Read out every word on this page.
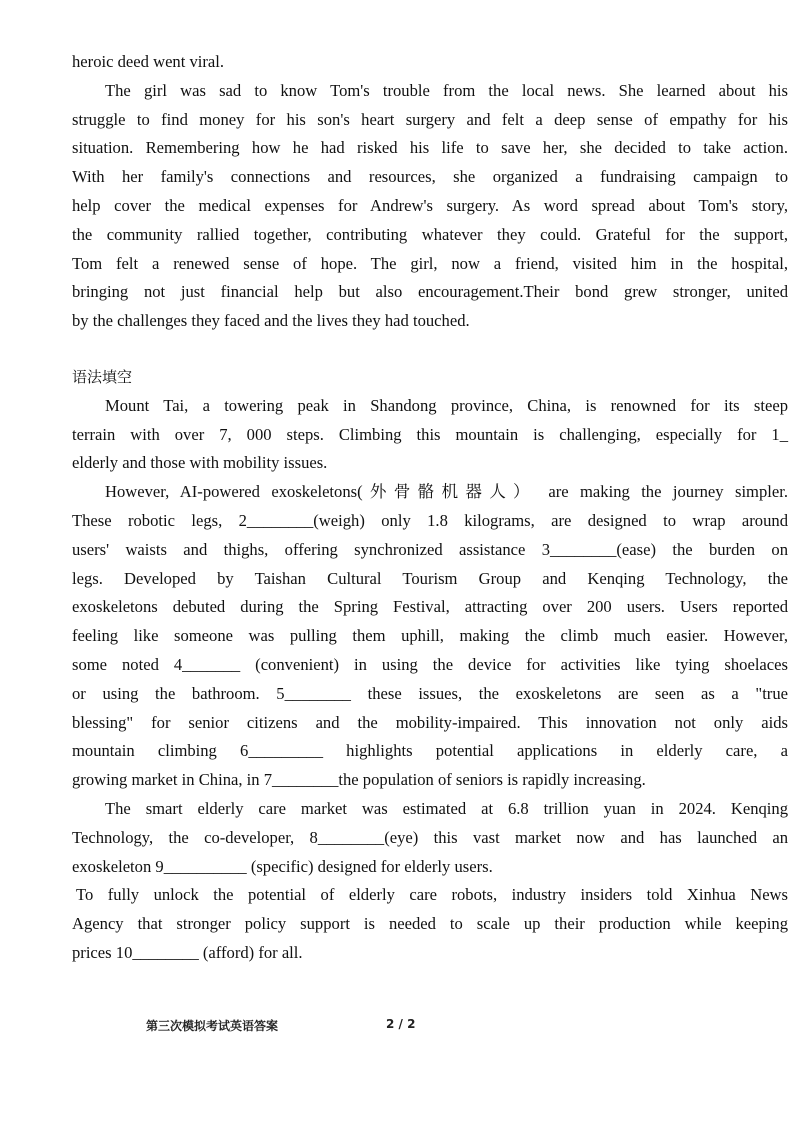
heroic deed went viral.
The girl was sad to know Tom's trouble from the local news. She learned about his
struggle to find money for his son's heart surgery and felt a deep sense of empathy for his
situation. Remembering how he had risked his life to save her, she decided to take action.
With her family's connections and resources, she organized a fundraising campaign to
help cover the medical expenses for Andrew's surgery. As word spread about Tom's story,
the community rallied together, contributing whatever they could. Grateful for the support,
Tom felt a renewed sense of hope. The girl, now a friend, visited him in the hospital,
bringing not just financial help but also encouragement.Their bond grew stronger, united
by the challenges they faced and the lives they had touched.
语法填空
Mount Tai, a towering peak in Shandong province, China, is renowned for its steep
terrain with over 7, 000 steps. Climbing this mountain is challenging, especially for 1_
elderly and those with mobility issues.
However, AI-powered exoskeletons(外骨骼机器人） are making the journey simpler.
These robotic legs, 2________(weigh) only 1.8 kilograms, are designed to wrap around
users' waists and thighs, offering synchronized assistance 3________(ease) the burden on
legs. Developed by Taishan Cultural Tourism Group and Kenqing Technology, the
exoskeletons debuted during the Spring Festival, attracting over 200 users. Users reported
feeling like someone was pulling them uphill, making the climb much easier. However,
some noted 4_______ (convenient) in using the device for activities like tying shoelaces
or using the bathroom. 5________ these issues, the exoskeletons are seen as a "true
blessing" for senior citizens and the mobility-impaired. This innovation not only aids
mountain climbing 6_________ highlights potential applications in elderly care, a
growing market in China, in 7________the population of seniors is rapidly increasing.
The smart elderly care market was estimated at 6.8 trillion yuan in 2024. Kenqing
Technology, the co-developer, 8________(eye) this vast market now and has launched an
exoskeleton 9__________ (specific) designed for elderly users.
To fully unlock the potential of elderly care robots, industry insiders told Xinhua News
Agency that stronger policy support is needed to scale up their production while keeping
prices 10________ (afford) for all.
第三次模拟考试英语答案	2 / 2
